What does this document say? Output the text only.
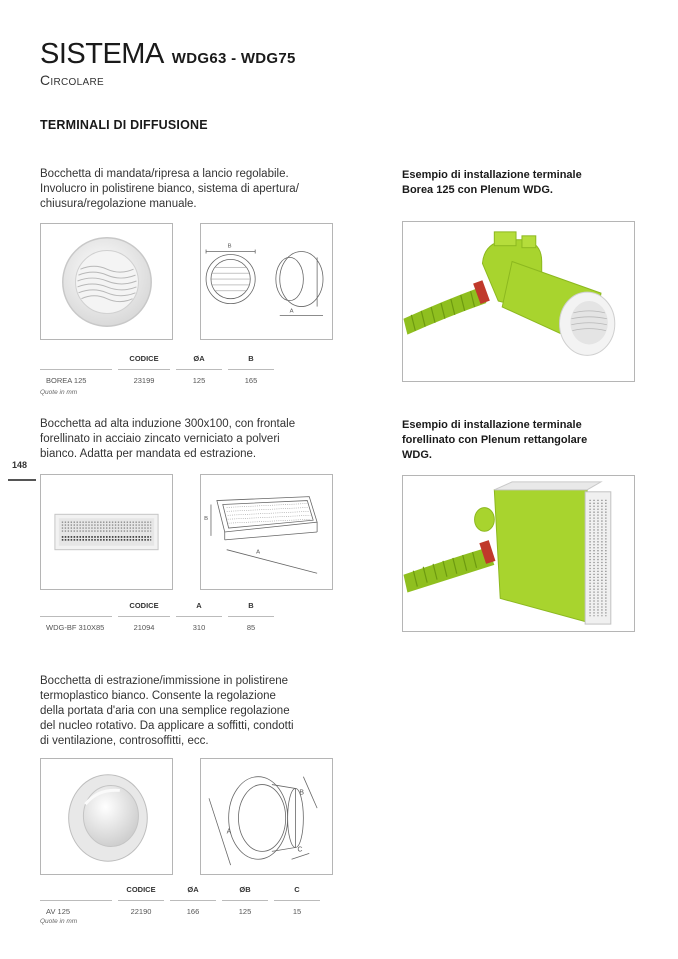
SISTEMA WDG63 - WDG75
Circolare
TERMINALI DI DIFFUSIONE
148
Bocchetta di mandata/ripresa a lancio regolabile.
Involucro in polistirene bianco, sistema di apertura/
chiusura/regolazione manuale.
B
A
		CODICE		ØA		B
BOREA 125		23199		125		165
Quote in mm
Bocchetta ad alta induzione 300x100, con frontale
forellinato in acciaio zincato verniciato a polveri
bianco. Adatta per mandata ed estrazione.
B
A
		CODICE		A		B
WDG-BF 310X85		21094		310		85
Bocchetta di estrazione/immissione in polistirene
termoplastico bianco. Consente la regolazione
della portata d'aria con una semplice regolazione
del nucleo rotativo. Da applicare a soffitti, condotti
di ventilazione, controsoffitti, ecc.
B
A
C
		CODICE		ØA		ØB		C
AV 125		22190		166		125		15
Quote in mm
Esempio di installazione terminale
Borea 125 con Plenum WDG.
Esempio di installazione terminale
forellinato con Plenum rettangolare
WDG.
